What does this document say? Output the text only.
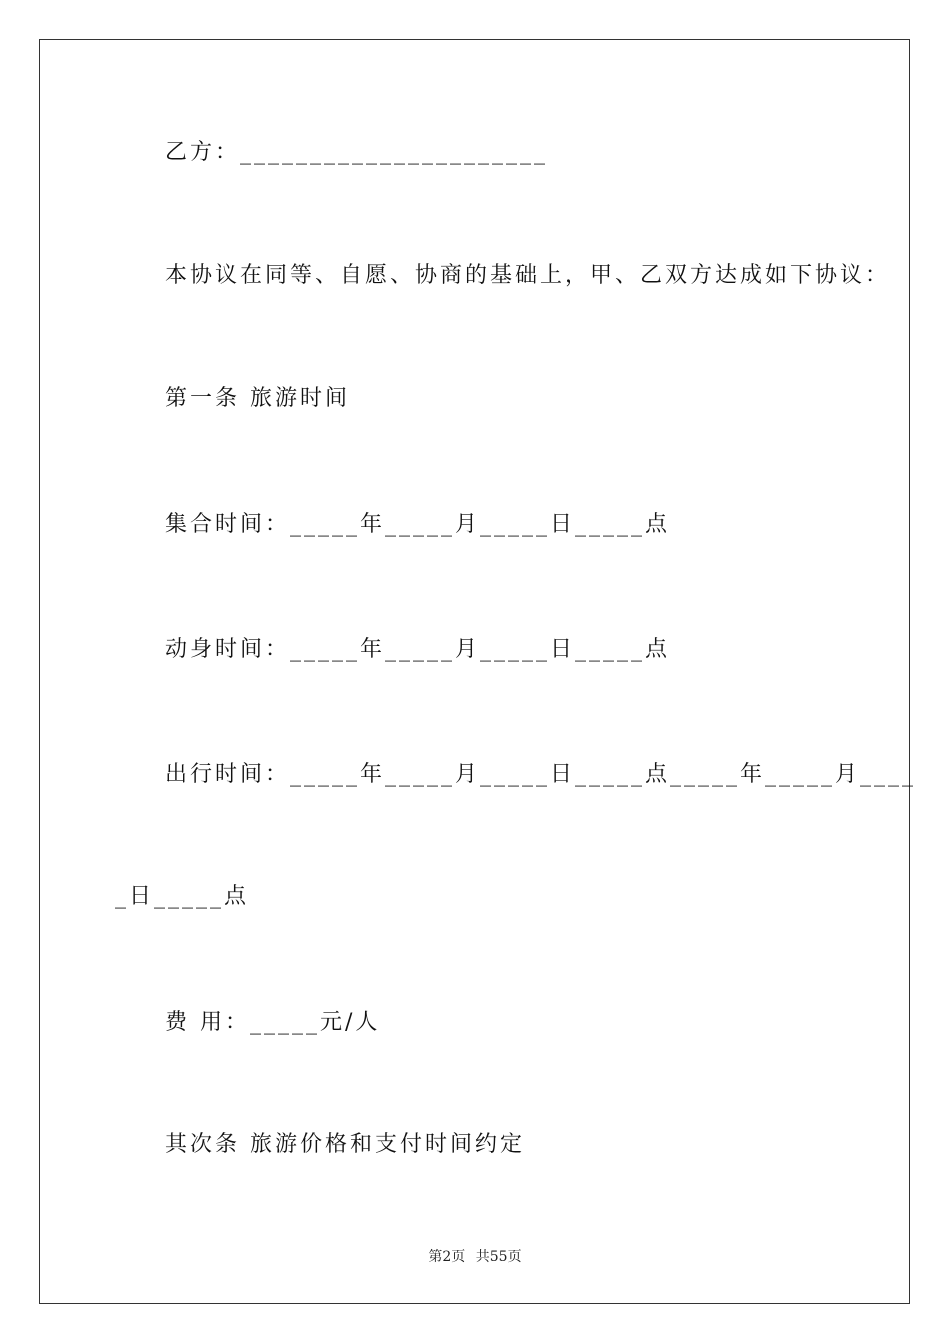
乙方：______________________
本协议在同等、自愿、协商的基础上，甲、乙双方达成如下协议：
第一条 旅游时间
集合时间：_____年_____月_____日_____点
动身时间：_____年_____月_____日_____点
出行时间：_____年_____月_____日_____点_____年_____月____
_日_____点
费 用：_____元/人
其次条 旅游价格和支付时间约定
第2页 共55页
